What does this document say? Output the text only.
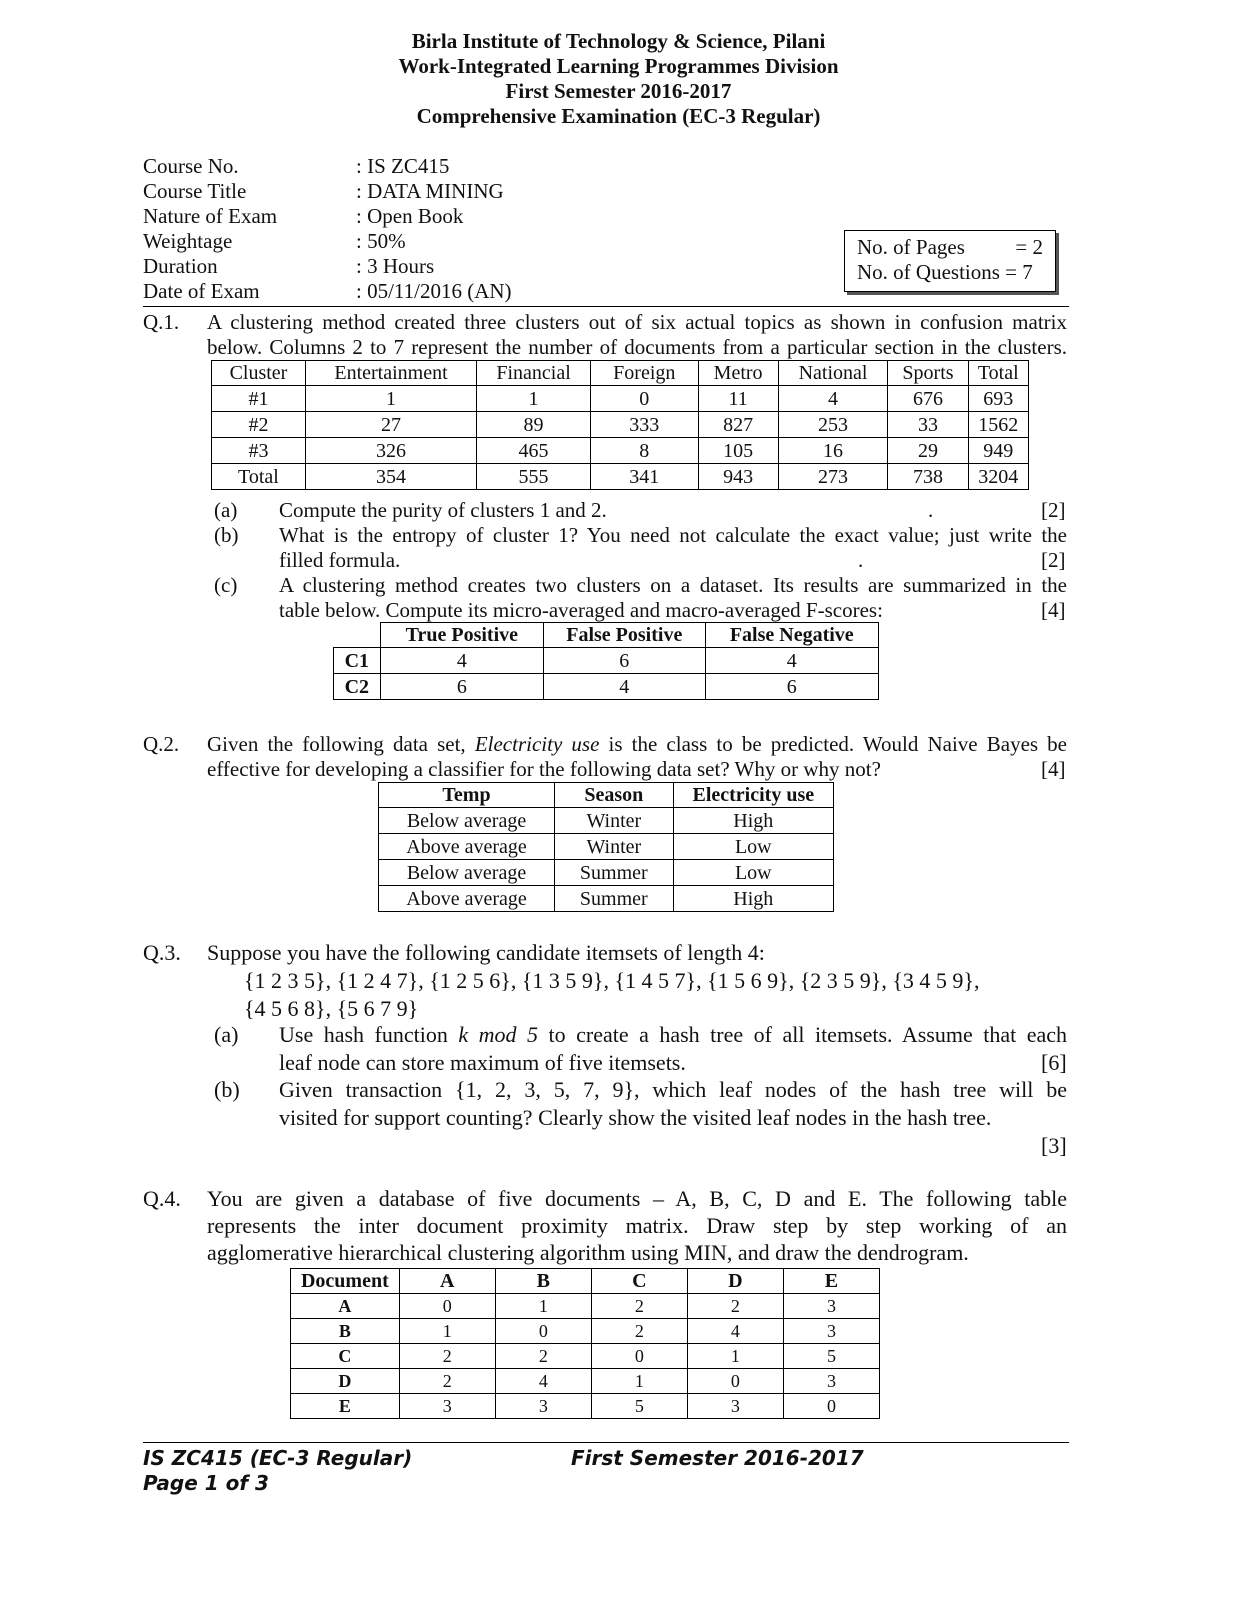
Birla Institute of Technology & Science, Pilani
Work-Integrated Learning Programmes Division
First Semester 2016-2017
Comprehensive Examination (EC-3 Regular)
Course No.	: IS ZC415
Course Title	: DATA MINING
Nature of Exam	: Open Book
Weightage	: 50%
Duration	: 3 Hours
Date of Exam	: 05/11/2016 (AN)
No. of Pages = 2
No. of Questions = 7
Q.1. A clustering method created three clusters out of six actual topics as shown in confusion matrix
below. Columns 2 to 7 represent the number of documents from a particular section in the clusters.
Cluster	Entertainment	Financial	Foreign	Metro	National	Sports	Total
#1	1	1	0	11	4	676	693
#2	27	89	333	827	253	33	1562
#3	326	465	8	105	16	29	949
Total	354	555	341	943	273	738	3204
(a) Compute the purity of clusters 1 and 2.	.	[2]
(b) What is the entropy of cluster 1? You need not calculate the exact value; just write the
filled formula.	.	[2]
(c) A clustering method creates two clusters on a dataset. Its results are summarized in the
table below. Compute its micro-averaged and macro-averaged F-scores:	[4]
	True Positive	False Positive	False Negative
C1	4	6	4
C2	6	4	6
Q.2. Given the following data set, Electricity use is the class to be predicted. Would Naive Bayes be
effective for developing a classifier for the following data set? Why or why not?	[4]
Temp	Season	Electricity use
Below average	Winter	High
Above average	Winter	Low
Below average	Summer	Low
Above average	Summer	High
Q.3. Suppose you have the following candidate itemsets of length 4:
{1 2 3 5}, {1 2 4 7}, {1 2 5 6}, {1 3 5 9}, {1 4 5 7}, {1 5 6 9}, {2 3 5 9}, {3 4 5 9},
{4 5 6 8}, {5 6 7 9}
(a) Use hash function k mod 5 to create a hash tree of all itemsets. Assume that each
leaf node can store maximum of five itemsets.	[6]
(b) Given transaction {1, 2, 3, 5, 7, 9}, which leaf nodes of the hash tree will be
visited for support counting? Clearly show the visited leaf nodes in the hash tree.
[3]
Q.4. You are given a database of five documents – A, B, C, D and E. The following table
represents the inter document proximity matrix. Draw step by step working of an
agglomerative hierarchical clustering algorithm using MIN, and draw the dendrogram.
Document	A	B	C	D	E
A	0	1	2	2	3
B	1	0	2	4	3
C	2	2	0	1	5
D	2	4	1	0	3
E	3	3	5	3	0
IS ZC415 (EC-3 Regular)
Page 1 of 3
First Semester 2016-2017
